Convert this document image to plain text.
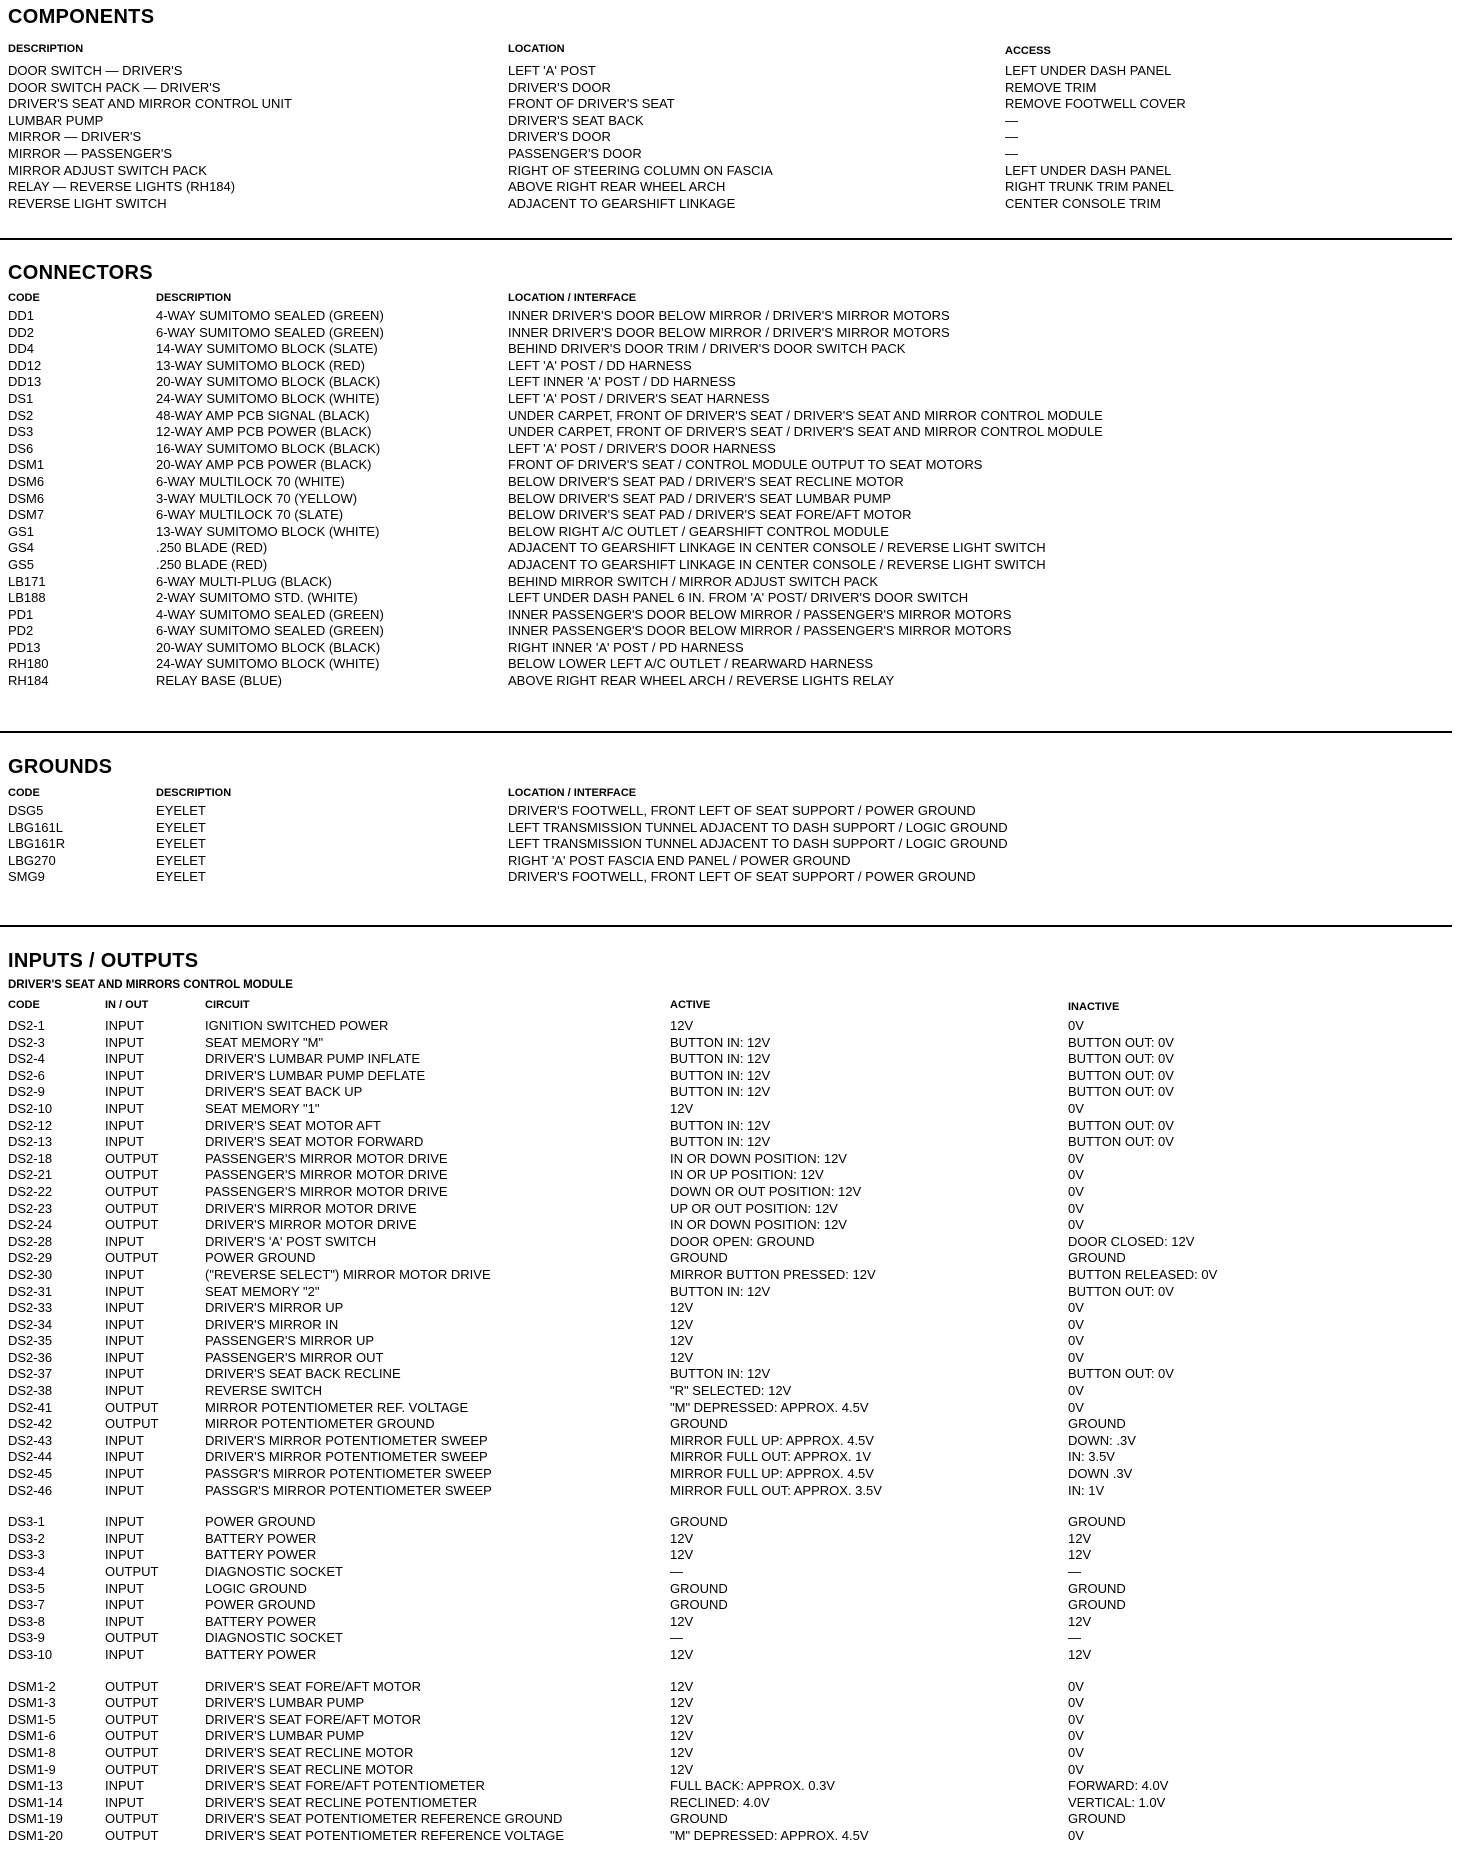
COMPONENTS
DESCRIPTION	LOCATION	ACCESS
DOOR SWITCH — DRIVER'S	LEFT 'A' POST	LEFT UNDER DASH PANEL
DOOR SWITCH PACK — DRIVER'S	DRIVER'S DOOR	REMOVE TRIM
DRIVER'S SEAT AND MIRROR CONTROL UNIT	FRONT OF DRIVER'S SEAT	REMOVE FOOTWELL COVER
LUMBAR PUMP	DRIVER'S SEAT BACK	—
MIRROR — DRIVER'S	DRIVER'S DOOR	—
MIRROR — PASSENGER'S	PASSENGER'S DOOR	—
MIRROR ADJUST SWITCH PACK	RIGHT OF STEERING COLUMN ON FASCIA	LEFT UNDER DASH PANEL
RELAY — REVERSE LIGHTS (RH184)	ABOVE RIGHT REAR WHEEL ARCH	RIGHT TRUNK TRIM PANEL
REVERSE LIGHT SWITCH	ADJACENT TO GEARSHIFT LINKAGE	CENTER CONSOLE TRIM
CONNECTORS
CODE	DESCRIPTION	LOCATION / INTERFACE
DD1	4-WAY SUMITOMO SEALED (GREEN)	INNER DRIVER'S DOOR BELOW MIRROR / DRIVER'S MIRROR MOTORS
DD2	6-WAY SUMITOMO SEALED (GREEN)	INNER DRIVER'S DOOR BELOW MIRROR / DRIVER'S MIRROR MOTORS
DD4	14-WAY SUMITOMO BLOCK (SLATE)	BEHIND DRIVER'S DOOR TRIM / DRIVER'S DOOR SWITCH PACK
DD12	13-WAY SUMITOMO BLOCK (RED)	LEFT 'A' POST / DD HARNESS
DD13	20-WAY SUMITOMO BLOCK (BLACK)	LEFT INNER 'A' POST / DD HARNESS
DS1	24-WAY SUMITOMO BLOCK (WHITE)	LEFT 'A' POST / DRIVER'S SEAT HARNESS
DS2	48-WAY AMP PCB SIGNAL (BLACK)	UNDER CARPET, FRONT OF DRIVER'S SEAT / DRIVER'S SEAT AND MIRROR CONTROL MODULE
DS3	12-WAY AMP PCB POWER (BLACK)	UNDER CARPET, FRONT OF DRIVER'S SEAT / DRIVER'S SEAT AND MIRROR CONTROL MODULE
DS6	16-WAY SUMITOMO BLOCK (BLACK)	LEFT 'A' POST / DRIVER'S DOOR HARNESS
DSM1	20-WAY AMP PCB POWER (BLACK)	FRONT OF DRIVER'S SEAT / CONTROL MODULE OUTPUT TO SEAT MOTORS
DSM6	6-WAY MULTILOCK 70 (WHITE)	BELOW DRIVER'S SEAT PAD / DRIVER'S SEAT RECLINE MOTOR
DSM6	3-WAY MULTILOCK 70 (YELLOW)	BELOW DRIVER'S SEAT PAD / DRIVER'S SEAT LUMBAR PUMP
DSM7	6-WAY MULTILOCK 70 (SLATE)	BELOW DRIVER'S SEAT PAD / DRIVER'S SEAT FORE/AFT MOTOR
GS1	13-WAY SUMITOMO BLOCK (WHITE)	BELOW RIGHT A/C OUTLET / GEARSHIFT CONTROL MODULE
GS4	.250 BLADE (RED)	ADJACENT TO GEARSHIFT LINKAGE IN CENTER CONSOLE / REVERSE LIGHT SWITCH
GS5	.250 BLADE (RED)	ADJACENT TO GEARSHIFT LINKAGE IN CENTER CONSOLE / REVERSE LIGHT SWITCH
LB171	6-WAY MULTI-PLUG (BLACK)	BEHIND MIRROR SWITCH / MIRROR ADJUST SWITCH PACK
LB188	2-WAY SUMITOMO STD. (WHITE)	LEFT UNDER DASH PANEL 6 IN. FROM 'A' POST/ DRIVER'S DOOR SWITCH
PD1	4-WAY SUMITOMO SEALED (GREEN)	INNER PASSENGER'S DOOR BELOW MIRROR / PASSENGER'S MIRROR MOTORS
PD2	6-WAY SUMITOMO SEALED (GREEN)	INNER PASSENGER'S DOOR BELOW MIRROR / PASSENGER'S MIRROR MOTORS
PD13	20-WAY SUMITOMO BLOCK (BLACK)	RIGHT INNER 'A' POST / PD HARNESS
RH180	24-WAY SUMITOMO BLOCK (WHITE)	BELOW LOWER LEFT A/C OUTLET / REARWARD HARNESS
RH184	RELAY BASE (BLUE)	ABOVE RIGHT REAR WHEEL ARCH / REVERSE LIGHTS RELAY
GROUNDS
CODE	DESCRIPTION	LOCATION / INTERFACE
DSG5	EYELET	DRIVER'S FOOTWELL, FRONT LEFT OF SEAT SUPPORT / POWER GROUND
LBG161L	EYELET	LEFT TRANSMISSION TUNNEL ADJACENT TO DASH SUPPORT / LOGIC GROUND
LBG161R	EYELET	LEFT TRANSMISSION TUNNEL ADJACENT TO DASH SUPPORT / LOGIC GROUND
LBG270	EYELET	RIGHT 'A' POST FASCIA END PANEL / POWER GROUND
SMG9	EYELET	DRIVER'S FOOTWELL, FRONT LEFT OF SEAT SUPPORT / POWER GROUND
INPUTS / OUTPUTS
DRIVER'S SEAT AND MIRRORS CONTROL MODULE
CODE	IN / OUT	CIRCUIT	ACTIVE	INACTIVE
DS2-1	INPUT	IGNITION SWITCHED POWER	12V	0V
DS2-3	INPUT	SEAT MEMORY "M"	BUTTON IN: 12V	BUTTON OUT: 0V
DS2-4	INPUT	DRIVER'S LUMBAR PUMP INFLATE	BUTTON IN: 12V	BUTTON OUT: 0V
DS2-6	INPUT	DRIVER'S LUMBAR PUMP DEFLATE	BUTTON IN: 12V	BUTTON OUT: 0V
DS2-9	INPUT	DRIVER'S SEAT BACK UP	BUTTON IN: 12V	BUTTON OUT: 0V
DS2-10	INPUT	SEAT MEMORY "1"	12V	0V
DS2-12	INPUT	DRIVER'S SEAT MOTOR AFT	BUTTON IN: 12V	BUTTON OUT: 0V
DS2-13	INPUT	DRIVER'S SEAT MOTOR FORWARD	BUTTON IN: 12V	BUTTON OUT: 0V
DS2-18	OUTPUT	PASSENGER'S MIRROR MOTOR DRIVE	IN OR DOWN POSITION: 12V	0V
DS2-21	OUTPUT	PASSENGER'S MIRROR MOTOR DRIVE	IN OR UP POSITION: 12V	0V
DS2-22	OUTPUT	PASSENGER'S MIRROR MOTOR DRIVE	DOWN OR OUT POSITION: 12V	0V
DS2-23	OUTPUT	DRIVER'S MIRROR MOTOR DRIVE	UP OR OUT POSITION: 12V	0V
DS2-24	OUTPUT	DRIVER'S MIRROR MOTOR DRIVE	IN OR DOWN POSITION: 12V	0V
DS2-28	INPUT	DRIVER'S 'A' POST SWITCH	DOOR OPEN: GROUND	DOOR CLOSED: 12V
DS2-29	OUTPUT	POWER GROUND	GROUND	GROUND
DS2-30	INPUT	("REVERSE SELECT") MIRROR MOTOR DRIVE	MIRROR BUTTON PRESSED: 12V	BUTTON RELEASED: 0V
DS2-31	INPUT	SEAT MEMORY "2"	BUTTON IN: 12V	BUTTON OUT: 0V
DS2-33	INPUT	DRIVER'S MIRROR UP	12V	0V
DS2-34	INPUT	DRIVER'S MIRROR IN	12V	0V
DS2-35	INPUT	PASSENGER'S MIRROR UP	12V	0V
DS2-36	INPUT	PASSENGER'S MIRROR OUT	12V	0V
DS2-37	INPUT	DRIVER'S SEAT BACK RECLINE	BUTTON IN: 12V	BUTTON OUT: 0V
DS2-38	INPUT	REVERSE SWITCH	"R" SELECTED: 12V	0V
DS2-41	OUTPUT	MIRROR POTENTIOMETER REF. VOLTAGE	"M" DEPRESSED: APPROX. 4.5V	0V
DS2-42	OUTPUT	MIRROR POTENTIOMETER GROUND	GROUND	GROUND
DS2-43	INPUT	DRIVER'S MIRROR POTENTIOMETER SWEEP	MIRROR FULL UP: APPROX. 4.5V	DOWN: .3V
DS2-44	INPUT	DRIVER'S MIRROR POTENTIOMETER SWEEP	MIRROR FULL OUT: APPROX. 1V	IN: 3.5V
DS2-45	INPUT	PASSGR'S MIRROR POTENTIOMETER SWEEP	MIRROR FULL UP: APPROX. 4.5V	DOWN .3V
DS2-46	INPUT	PASSGR'S MIRROR POTENTIOMETER SWEEP	MIRROR FULL OUT: APPROX. 3.5V	IN: 1V
DS3-1	INPUT	POWER GROUND	GROUND	GROUND
DS3-2	INPUT	BATTERY POWER	12V	12V
DS3-3	INPUT	BATTERY POWER	12V	12V
DS3-4	OUTPUT	DIAGNOSTIC SOCKET	—	—
DS3-5	INPUT	LOGIC GROUND	GROUND	GROUND
DS3-7	INPUT	POWER GROUND	GROUND	GROUND
DS3-8	INPUT	BATTERY POWER	12V	12V
DS3-9	OUTPUT	DIAGNOSTIC SOCKET	—	—
DS3-10	INPUT	BATTERY POWER	12V	12V
DSM1-2	OUTPUT	DRIVER'S SEAT FORE/AFT MOTOR	12V	0V
DSM1-3	OUTPUT	DRIVER'S LUMBAR PUMP	12V	0V
DSM1-5	OUTPUT	DRIVER'S SEAT FORE/AFT MOTOR	12V	0V
DSM1-6	OUTPUT	DRIVER'S LUMBAR PUMP	12V	0V
DSM1-8	OUTPUT	DRIVER'S SEAT RECLINE MOTOR	12V	0V
DSM1-9	OUTPUT	DRIVER'S SEAT RECLINE MOTOR	12V	0V
DSM1-13	INPUT	DRIVER'S SEAT FORE/AFT POTENTIOMETER	FULL BACK: APPROX. 0.3V	FORWARD: 4.0V
DSM1-14	INPUT	DRIVER'S SEAT RECLINE POTENTIOMETER	RECLINED: 4.0V	VERTICAL: 1.0V
DSM1-19	OUTPUT	DRIVER'S SEAT POTENTIOMETER REFERENCE GROUND	GROUND	GROUND
DSM1-20	OUTPUT	DRIVER'S SEAT POTENTIOMETER REFERENCE VOLTAGE	"M" DEPRESSED: APPROX. 4.5V	0V
